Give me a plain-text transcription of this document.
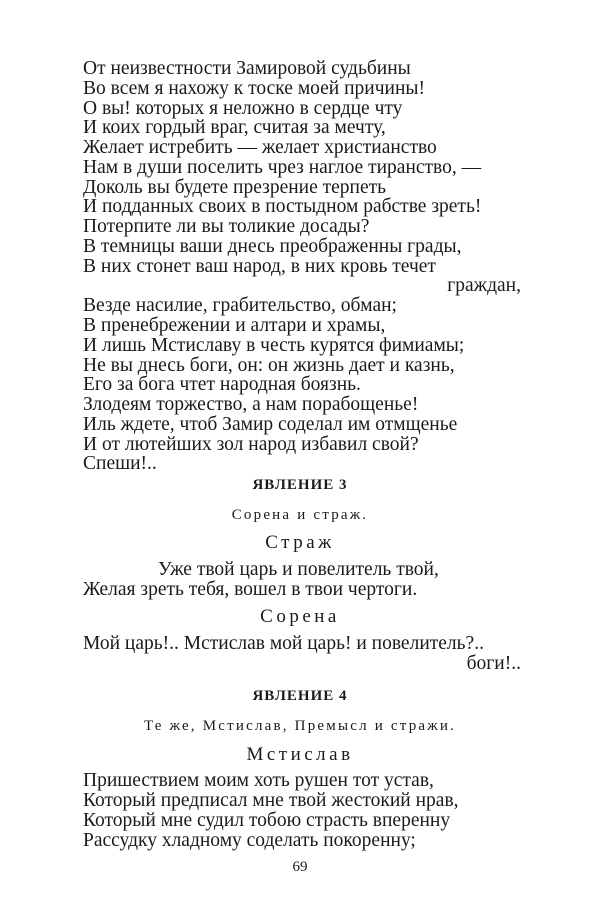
От неизвестности Замировой судьбины
Во всем я нахожу к тоске моей причины!
О вы! которых я неложно в сердце чту
И коих гордый враг, считая за мечту,
Желает истребить — желает христианство
Нам в души поселить чрез наглое тиранство, —
Доколь вы будете презрение терпеть
И подданных своих в постыдном рабстве зреть!
Потерпите ли вы толикие досады?
В темницы ваши днесь преображенны грады,
В них стонет ваш народ, в них кровь течет
граждан,
Везде насилие, грабительство, обман;
В пренебрежении и алтари и храмы,
И лишь Мстиславу в честь курятся фимиамы;
Не вы днесь боги, он: он жизнь дает и казнь,
Его за бога чтет народная боязнь.
Злодеям торжество, а нам порабощенье!
Иль ждете, чтоб Замир соделал им отмщенье
И от лютейших зол народ избавил свой?
Спеши!..
ЯВЛЕНИЕ 3
Сорена и страж.
Страж
Уже твой царь и повелитель твой,
Желая зреть тебя, вошел в твои чертоги.
Сорена
Мой царь!.. Мстислав мой царь! и повелитель?..
боги!..
ЯВЛЕНИЕ 4
Те же, Мстислав, Премысл и стражи.
Мстислав
Пришествием моим хоть рушен тот устав,
Который предписал мне твой жестокий нрав,
Который мне судил тобою страсть вперенну
Рассудку хладному соделать покоренну;
69
